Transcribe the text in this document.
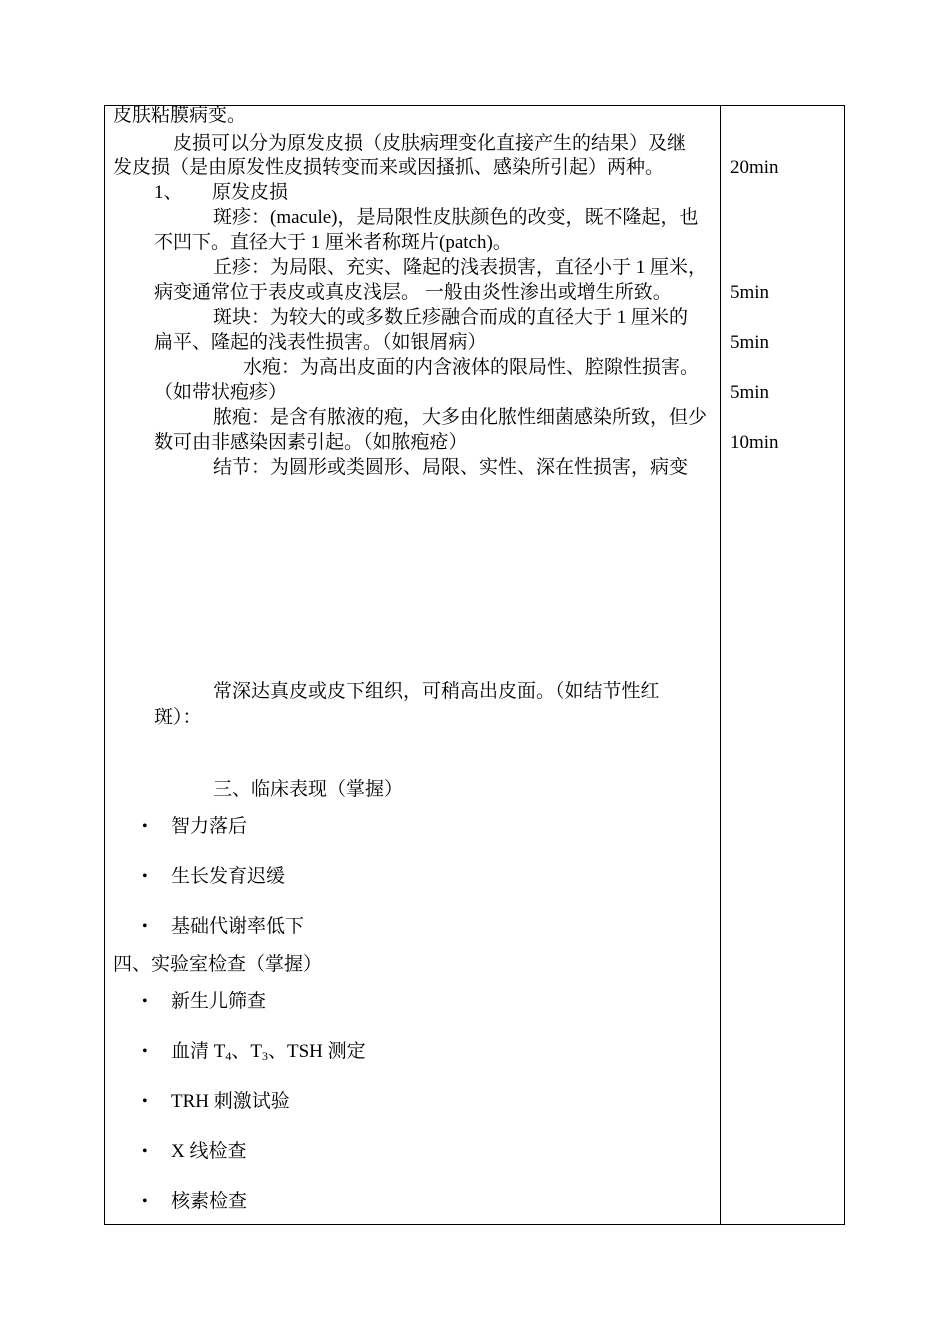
皮肤粘膜病变。
皮损可以分为原发皮损（皮肤病理变化直接产生的结果）及继
发皮损（是由原发性皮损转变而来或因搔抓、感染所引起）两种。
1、 原发皮损
斑疹：(macule)，是局限性皮肤颜色的改变，既不隆起，也
不凹下。直径大于 1 厘米者称斑片(patch)。
丘疹：为局限、充实、隆起的浅表损害，直径小于 1 厘米，
病变通常位于表皮或真皮浅层。 一般由炎性渗出或增生所致。
斑块：为较大的或多数丘疹融合而成的直径大于 1 厘米的
扁平、隆起的浅表性损害。（如银屑病）
水疱：为高出皮面的内含液体的限局性、腔隙性损害。
（如带状疱疹）
脓疱：是含有脓液的疱，大多由化脓性细菌感染所致，但少
数可由非感染因素引起。（如脓疱疮）
结节：为圆形或类圆形、局限、实性、深在性损害，病变
常深达真皮或皮下组织，可稍高出皮面。（如结节性红
斑）：
三、临床表现（掌握）
• 智力落后
• 生长发育迟缓
• 基础代谢率低下
四、实验室检查（掌握）
• 新生儿筛查
• 血清 $T_4$、$T_3$、TSH 测定
• TRH 刺激试验
• X 线检查
• 核素检查
20min
5min
5min
5min
10min
